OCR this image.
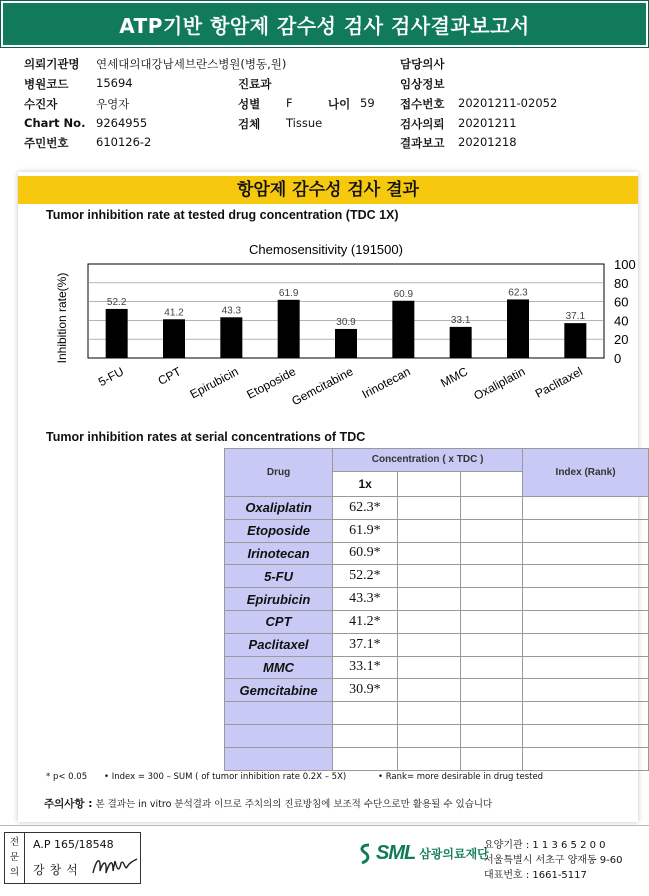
ATP기반 항암제 감수성 검사 검사결과보고서
의뢰기관명 연세대의대강남세브란스병원(병동,원)
병원코드 15694
수진자	우영자
Chart No. 9264955
주민번호 610126-2
진료과
성별 F	나이 59
검체 Tissue
담당의사
임상정보
접수번호 20201211-02052
검사의뢰 20201211
결과보고 20201218
항암제 감수성 검사 결과
Tumor inhibition rate at tested drug concentration (TDC 1X)
Chemosensitivity (191500)
Inhibition rate(%)	52.2
41.2	43.3
61.9
30.9
60.9
33.1
62.3
37.1
100
80
60
40
20
0
5-FU CPT Epirubicin Etoposide
Gemcitabine Irinotecan MMC Oxaliplatin Paclitaxel
Tumor inhibition rates at serial concentrations of TDC
Drug	Concentration ( x TDC )			Index (Rank)
	1x			
Oxaliplatin	62.3*			
Etoposide	61.9*			
Irinotecan	60.9*			
5-FU	52.2*			
Epirubicin	43.3*			
CPT	41.2*			
Paclitaxel	37.1*			
MMC	33.1*			
Gemcitabine	30.9*			

* p< 0.05 • Index = 300 – SUM ( of tumor inhibition rate 0.2X – 5X)	• Rank= more desirable in drug tested
주의사항 : 본 결과는 in vitro 분석결과 이므로 주치의의 진료방침에 보조적 수단으로만 활용될 수 있습니다
전
문
의
A.P 165/18548
강창석
SML 삼광의료재단
요양기관 : 1 1 3 6 5 2 0 0
서울특별시 서초구 양재동 9-60
대표번호 : 1661-5117
